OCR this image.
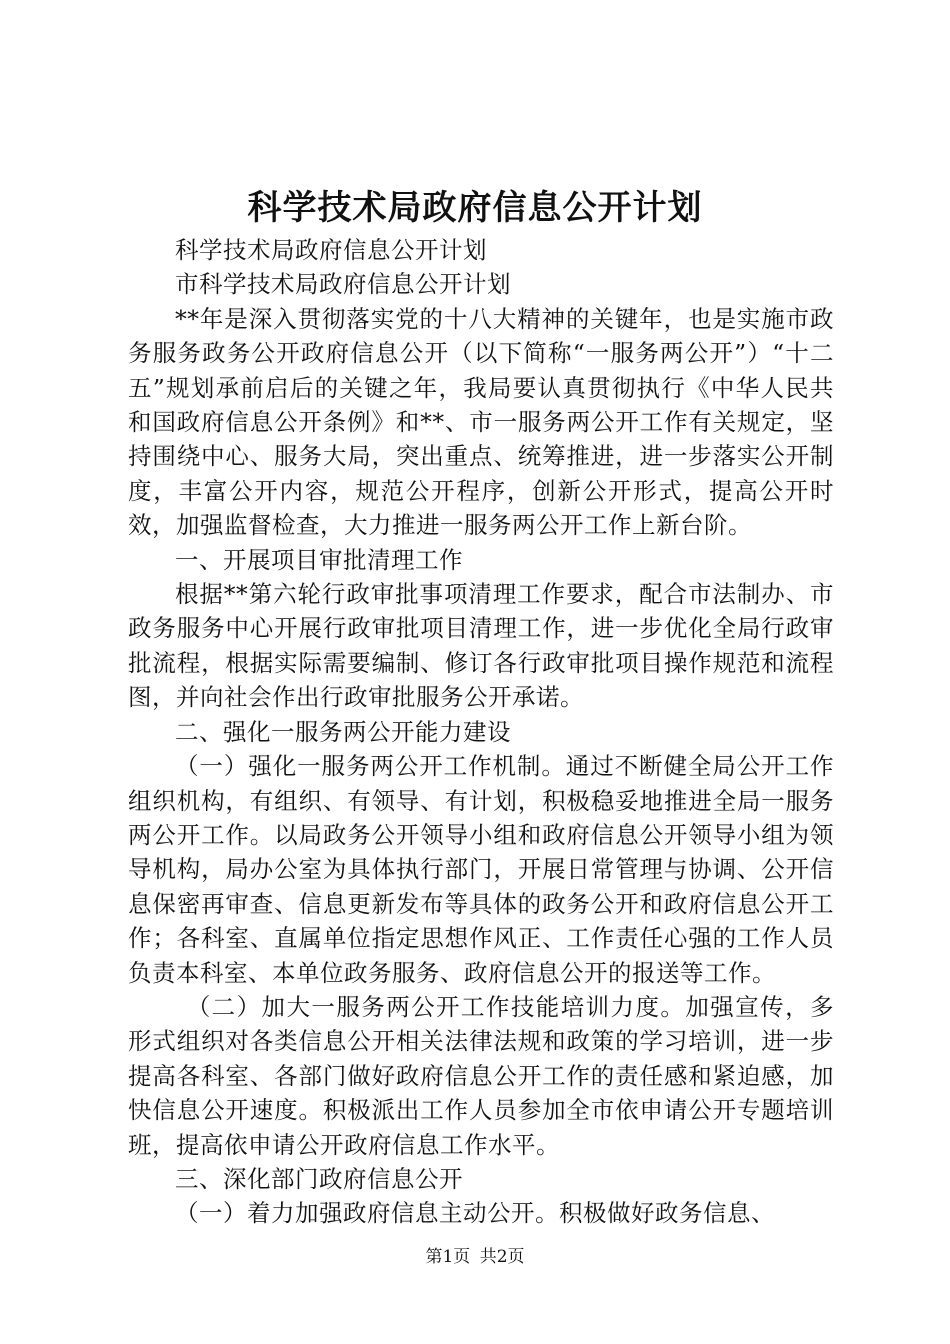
科学技术局政府信息公开计划

科学技术局政府信息公开计划

市科学技术局政府信息公开计划

**年是深入贯彻落实党的十八大精神的关键年，也是实施市政务服务政务公开政府信息公开（以下简称“一服务两公开”）“十二五”规划承前启后的关键之年，我局要认真贯彻执行《中华人民共和国政府信息公开条例》和**、市一服务两公开工作有关规定，坚持围绕中心、服务大局，突出重点、统筹推进，进一步落实公开制度，丰富公开内容，规范公开程序，创新公开形式，提高公开时效，加强监督检查，大力推进一服务两公开工作上新台阶。

一、开展项目审批清理工作

根据**第六轮行政审批事项清理工作要求，配合市法制办、市政务服务中心开展行政审批项目清理工作，进一步优化全局行政审批流程，根据实际需要编制、修订各行政审批项目操作规范和流程图，并向社会作出行政审批服务公开承诺。

二、强化一服务两公开能力建设

（一）强化一服务两公开工作机制。通过不断健全局公开工作组织机构，有组织、有领导、有计划，积极稳妥地推进全局一服务两公开工作。以局政务公开领导小组和政府信息公开领导小组为领导机构，局办公室为具体执行部门，开展日常管理与协调、公开信息保密再审查、信息更新发布等具体的政务公开和政府信息公开工作；各科室、直属单位指定思想作风正、工作责任心强的工作人员负责本科室、本单位政务服务、政府信息公开的报送等工作。

（二）加大一服务两公开工作技能培训力度。加强宣传，多形式组织对各类信息公开相关法律法规和政策的学习培训，进一步提高各科室、各部门做好政府信息公开工作的责任感和紧迫感，加快信息公开速度。积极派出工作人员参加全市依申请公开专题培训班，提高依申请公开政府信息工作水平。

三、深化部门政府信息公开

（一）着力加强政府信息主动公开。积极做好政务信息、

第1页 共2页
